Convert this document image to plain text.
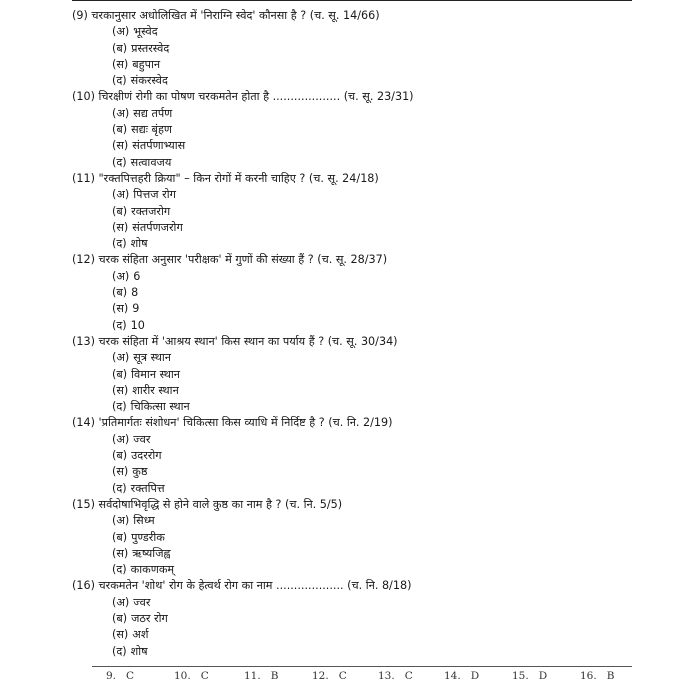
(9) चरकानुसार अधोलिखित में 'निराग्नि स्वेद' कौनसा है ? (च. सू. 14/66)
(अ) भूस्वेद
(ब) प्रस्तरस्वेद
(स) बहुपान
(द) संकरस्वेद
(10) चिरक्षीणं रोगी का पोषण चरकमतेन होता है ................... (च. सू. 23/31)
(अ) सद्य तर्पण
(ब) सद्यः बृंहण
(स) संतर्पणाभ्यास
(द) सत्वावजय
(11) "रक्तपित्तहरी क्रिया" – किन रोगों में करनी चाहिए ? (च. सू. 24/18)
(अ) पित्तज रोग
(ब) रक्तजरोग
(स) संतर्पणजरोग
(द) शोष
(12) चरक संहिता अनुसार 'परीक्षक' में गुणों की संख्या हैं ? (च. सू. 28/37)
(अ) 6
(ब) 8
(स) 9
(द) 10
(13) चरक संहिता में 'आश्रय स्थान' किस स्थान का पर्याय हैं ? (च. सू. 30/34)
(अ) सूत्र स्थान
(ब) विमान स्थान
(स) शारीर स्थान
(द) चिकित्सा स्थान
(14) 'प्रतिमार्गतः संशोधन' चिकित्सा किस व्याधि में निर्दिष्ट है ? (च. नि. 2/19)
(अ) ज्वर
(ब) उदररोग
(स) कुष्ठ
(द) रक्तपित्त
(15) सर्वदोषाभिवृद्धि से होने वाले कुष्ठ का नाम है ? (च. नि. 5/5)
(अ) सिध्म
(ब) पुण्डरीक
(स) ऋष्यजिह्व
(द) काकणकम्
(16) चरकमतेन 'शोथ' रोग के हेत्वर्थ रोग का नाम ................... (च. नि. 8/18)
(अ) ज्वर
(ब) जठर रोग
(स) अर्श
(द) शोष
9. C	10. C	11. B	12. C	13. C	14. D	15. D	16. B
